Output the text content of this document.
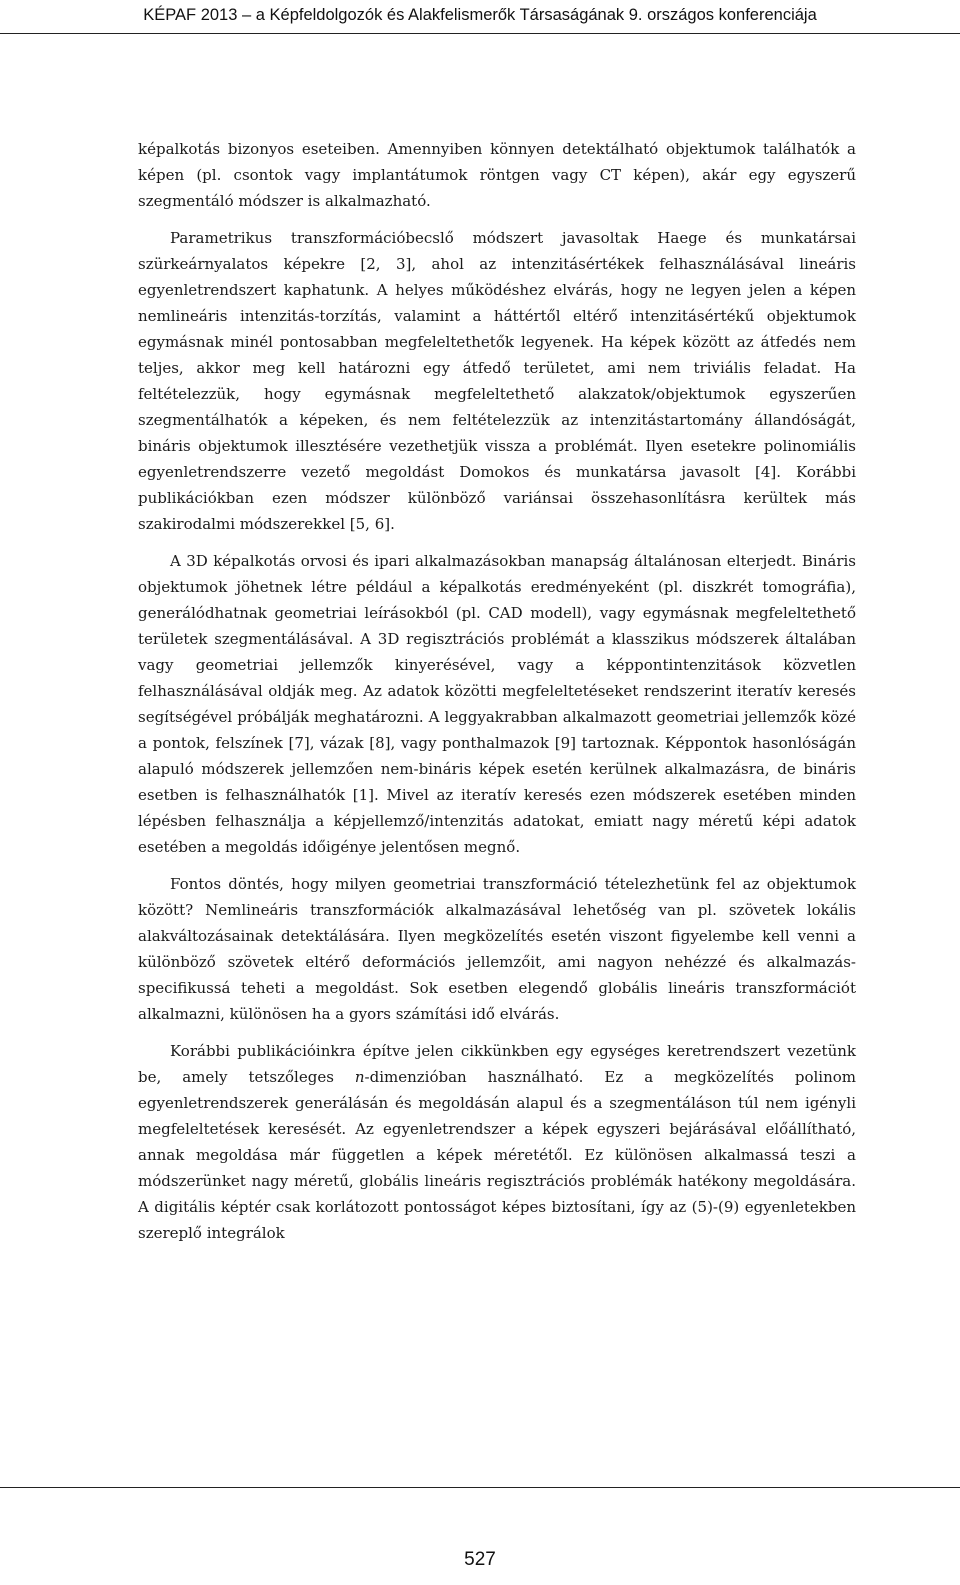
KÉPAF 2013 – a Képfeldolgozók és Alakfelismerők Társaságának 9. országos konferenciája

képalkotás bizonyos eseteiben. Amennyiben könnyen detektálható objektumok találhatók a képen (pl. csontok vagy implantátumok röntgen vagy CT képen), akár egy egyszerű szegmentáló módszer is alkalmazható.

Parametrikus transzformációbecslő módszert javasoltak Haege és munkatársai szürkeárnyalatos képekre [2, 3], ahol az intenzitásértékek felhasználásával lineáris egyenletrendszert kaphatunk. A helyes működéshez elvárás, hogy ne legyen jelen a képen nemlineáris intenzitás-torzítás, valamint a háttértől eltérő intenzitásértékű objektumok egymásnak minél pontosabban megfeleltethetők legyenek. Ha képek között az átfedés nem teljes, akkor meg kell határozni egy átfedő területet, ami nem triviális feladat. Ha feltételezzük, hogy egymásnak megfeleltethető alakzatok/objektumok egyszerűen szegmentálhatók a képeken, és nem feltételezzük az intenzitástartomány állandóságát, bináris objektumok illesztésére vezethetjük vissza a problémát. Ilyen esetekre polinomiális egyenletrendszerre vezető megoldást Domokos és munkatársa javasolt [4]. Korábbi publikációkban ezen módszer különböző variánsai összehasonlításra kerültek más szakirodalmi módszerekkel [5, 6].

A 3D képalkotás orvosi és ipari alkalmazásokban manapság általánosan elterjedt. Bináris objektumok jöhetnek létre például a képalkotás eredményeként (pl. diszkrét tomográfia), generálódhatnak geometriai leírásokból (pl. CAD modell), vagy egymásnak megfeleltethető területek szegmentálásával. A 3D regisztrációs problémát a klasszikus módszerek általában vagy geometriai jellemzők kinyerésével, vagy a képpontintenzitások közvetlen felhasználásával oldják meg. Az adatok közötti megfeleltetéseket rendszerint iteratív keresés segítségével próbálják meghatározni. A leggyakrabban alkalmazott geometriai jellemzők közé a pontok, felszínek [7], vázak [8], vagy ponthalmazok [9] tartoznak. Képpontok hasonlóságán alapuló módszerek jellemzően nem-bináris képek esetén kerülnek alkalmazásra, de bináris esetben is felhasználhatók [1]. Mivel az iteratív keresés ezen módszerek esetében minden lépésben felhasználja a képjellemző/intenzitás adatokat, emiatt nagy méretű képi adatok esetében a megoldás időigénye jelentősen megnő.

Fontos döntés, hogy milyen geometriai transzformáció tételezhetünk fel az objektumok között? Nemlineáris transzformációk alkalmazásával lehetőség van pl. szövetek lokális alakváltozásainak detektálására. Ilyen megközelítés esetén viszont figyelembe kell venni a különböző szövetek eltérő deformációs jellemzőit, ami nagyon nehézzé és alkalmazás-specifikussá teheti a megoldást. Sok esetben elegendő globális lineáris transzformációt alkalmazni, különösen ha a gyors számítási idő elvárás.

Korábbi publikációinkra építve jelen cikkünkben egy egységes keretrendszert vezetünk be, amely tetszőleges n-dimenzióban használható. Ez a megközelítés polinom egyenletrendszerek generálásán és megoldásán alapul és a szegmentáláson túl nem igényli megfeleltetések keresését. Az egyenletrendszer a képek egyszeri bejárásával előállítható, annak megoldása már független a képek méretétől. Ez különösen alkalmassá teszi a módszerünket nagy méretű, globális lineáris regisztrációs problémák hatékony megoldására. A digitális képtér csak korlátozott pontosságot képes biztosítani, így az (5)-(9) egyenletekben szereplő integrálok

527
